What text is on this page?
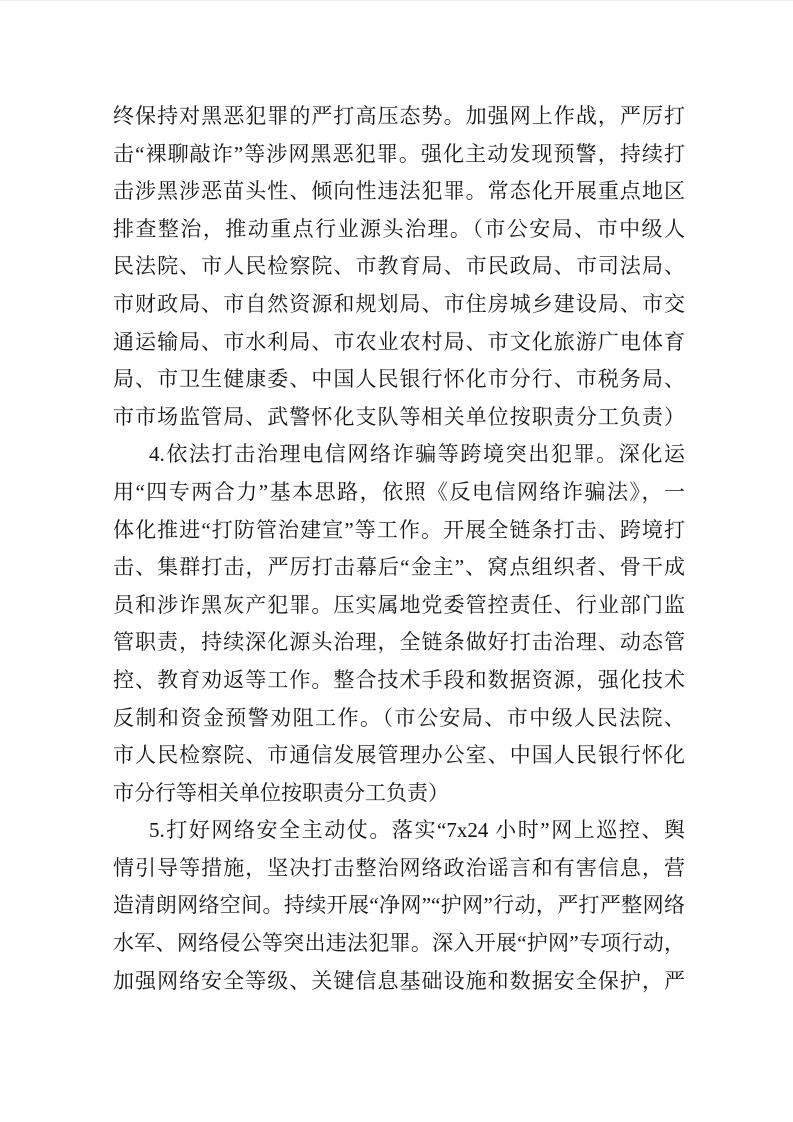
终保持对黑恶犯罪的严打高压态势。加强网上作战，严厉打
击“裸聊敲诈”等涉网黑恶犯罪。强化主动发现预警，持续打
击涉黑涉恶苗头性、倾向性违法犯罪。常态化开展重点地区
排查整治，推动重点行业源头治理。（市公安局、市中级人
民法院、市人民检察院、市教育局、市民政局、市司法局、
市财政局、市自然资源和规划局、市住房城乡建设局、市交
通运输局、市水利局、市农业农村局、市文化旅游广电体育
局、市卫生健康委、中国人民银行怀化市分行、市税务局、
市市场监管局、武警怀化支队等相关单位按职责分工负责）
4.依法打击治理电信网络诈骗等跨境突出犯罪。深化运
用“四专两合力”基本思路，依照《反电信网络诈骗法》，一
体化推进“打防管治建宣”等工作。开展全链条打击、跨境打
击、集群打击，严厉打击幕后“金主”、窝点组织者、骨干成
员和涉诈黑灰产犯罪。压实属地党委管控责任、行业部门监
管职责，持续深化源头治理，全链条做好打击治理、动态管
控、教育劝返等工作。整合技术手段和数据资源，强化技术
反制和资金预警劝阻工作。（市公安局、市中级人民法院、
市人民检察院、市通信发展管理办公室、中国人民银行怀化
市分行等相关单位按职责分工负责）
5.打好网络安全主动仗。落实“7x24 小时”网上巡控、舆
情引导等措施，坚决打击整治网络政治谣言和有害信息，营
造清朗网络空间。持续开展“净网”“护网”行动，严打严整网络
水军、网络侵公等突出违法犯罪。深入开展“护网”专项行动，
加强网络安全等级、关键信息基础设施和数据安全保护，严
